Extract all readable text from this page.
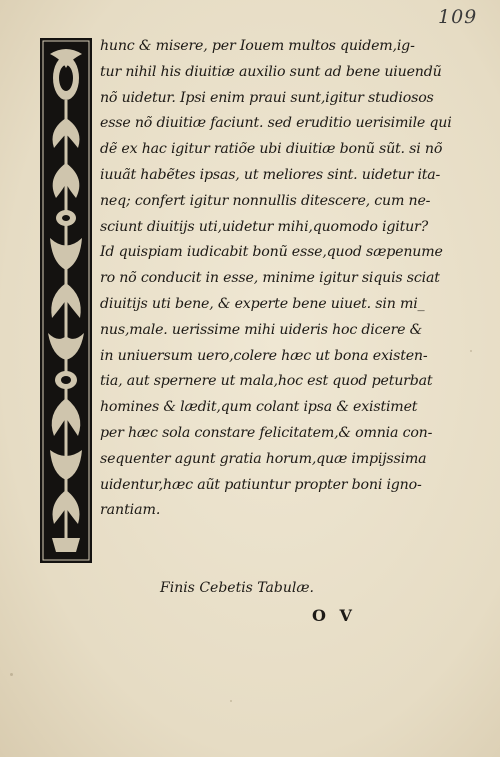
109
hunc & misere, per Iouem multos quidem,ig-
tur nihil his diuitiæ auxilio sunt ad bene uiuendũ
nõ uidetur. Ipsi enim praui sunt,igitur studiosos
esse nõ diuitiæ faciunt. sed eruditio uerisimile qui
dẽ ex hac igitur ratiõe ubi diuitiæ bonũ sũt. si nõ
iuuãt habẽtes ipsas, ut meliores sint. uidetur ita-
neq; confert igitur nonnullis ditescere, cum ne-
sciunt diuitijs uti,uidetur mihi,quomodo igitur?
Id quispiam iudicabit bonũ esse,quod sæpenume
ro nõ conducit in esse, minime igitur siquis sciat
diuitijs uti bene, & experte bene uiuet. sin mi_
nus,male. uerissime mihi uideris hoc dicere &
in uniuersum uero,colere hæc ut bona existen-
tia, aut spernere ut mala,hoc est quod peturbat
homines & lædit,qum colant ipsa & existimet
per hæc sola constare felicitatem,& omnia con-
sequenter agunt gratia horum,quæ impijssima
uidentur,hæc aũt patiuntur propter boni igno-
rantiam.
Finis Cebetis Tabulæ.
O V
